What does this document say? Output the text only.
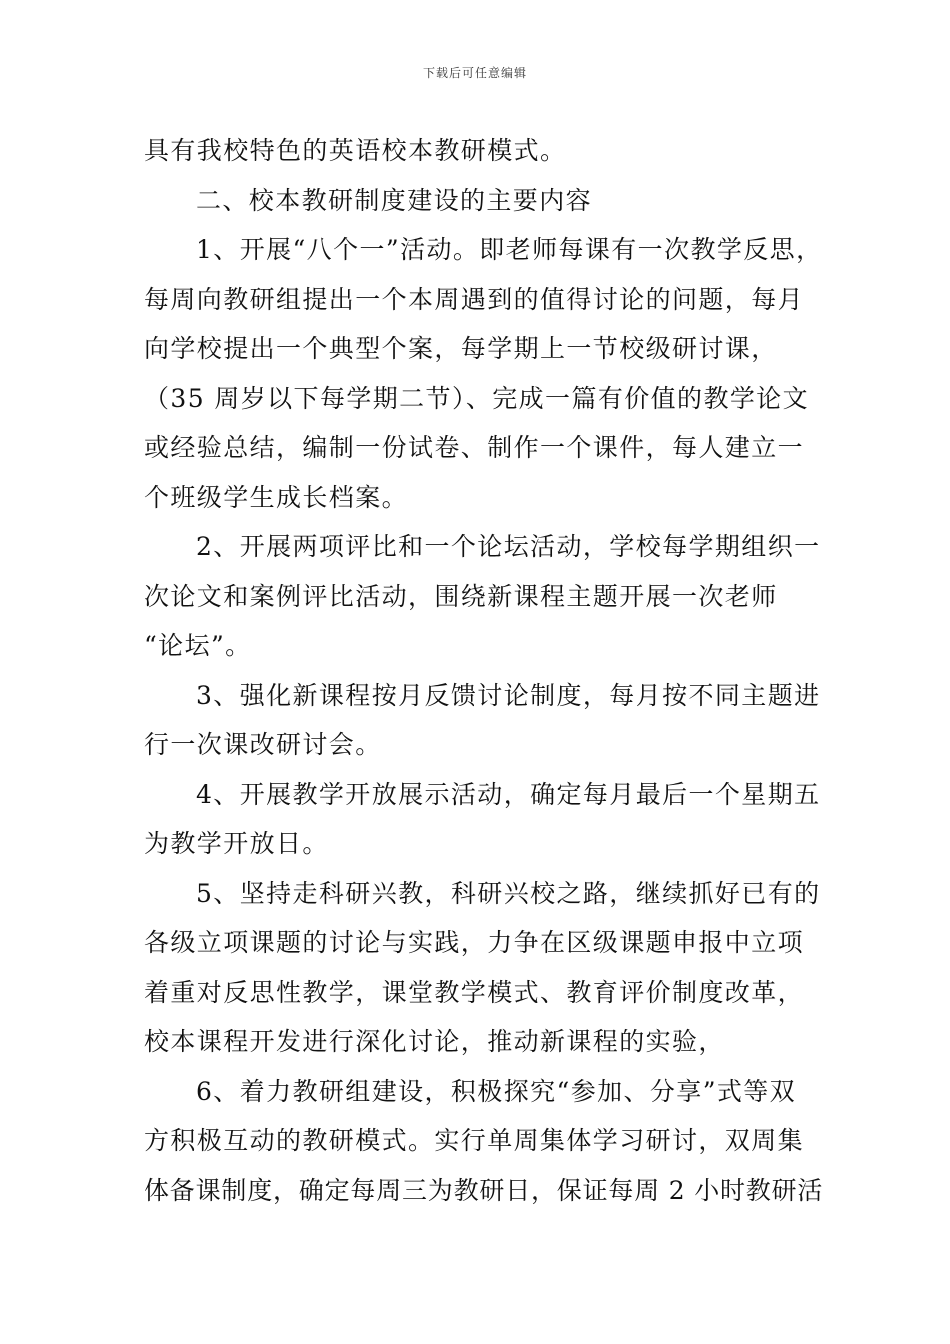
下载后可任意编辑
具有我校特色的英语校本教研模式。
二、校本教研制度建设的主要内容
1、开展“八个一”活动。即老师每课有一次教学反思，
每周向教研组提出一个本周遇到的值得讨论的问题，每月
向学校提出一个典型个案，每学期上一节校级研讨课，
（35 周岁以下每学期二节）、完成一篇有价值的教学论文
或经验总结，编制一份试卷、制作一个课件，每人建立一
个班级学生成长档案。
2、开展两项评比和一个论坛活动，学校每学期组织一
次论文和案例评比活动，围绕新课程主题开展一次老师
“论坛”。
3、强化新课程按月反馈讨论制度，每月按不同主题进
行一次课改研讨会。
4、开展教学开放展示活动，确定每月最后一个星期五
为教学开放日。
5、坚持走科研兴教，科研兴校之路，继续抓好已有的
各级立项课题的讨论与实践，力争在区级课题申报中立项
着重对反思性教学，课堂教学模式、教育评价制度改革，
校本课程开发进行深化讨论，推动新课程的实验，
6、着力教研组建设，积极探究“参加、分享”式等双
方积极互动的教研模式。实行单周集体学习研讨，双周集
体备课制度，确定每周三为教研日，保证每周 2 小时教研活
